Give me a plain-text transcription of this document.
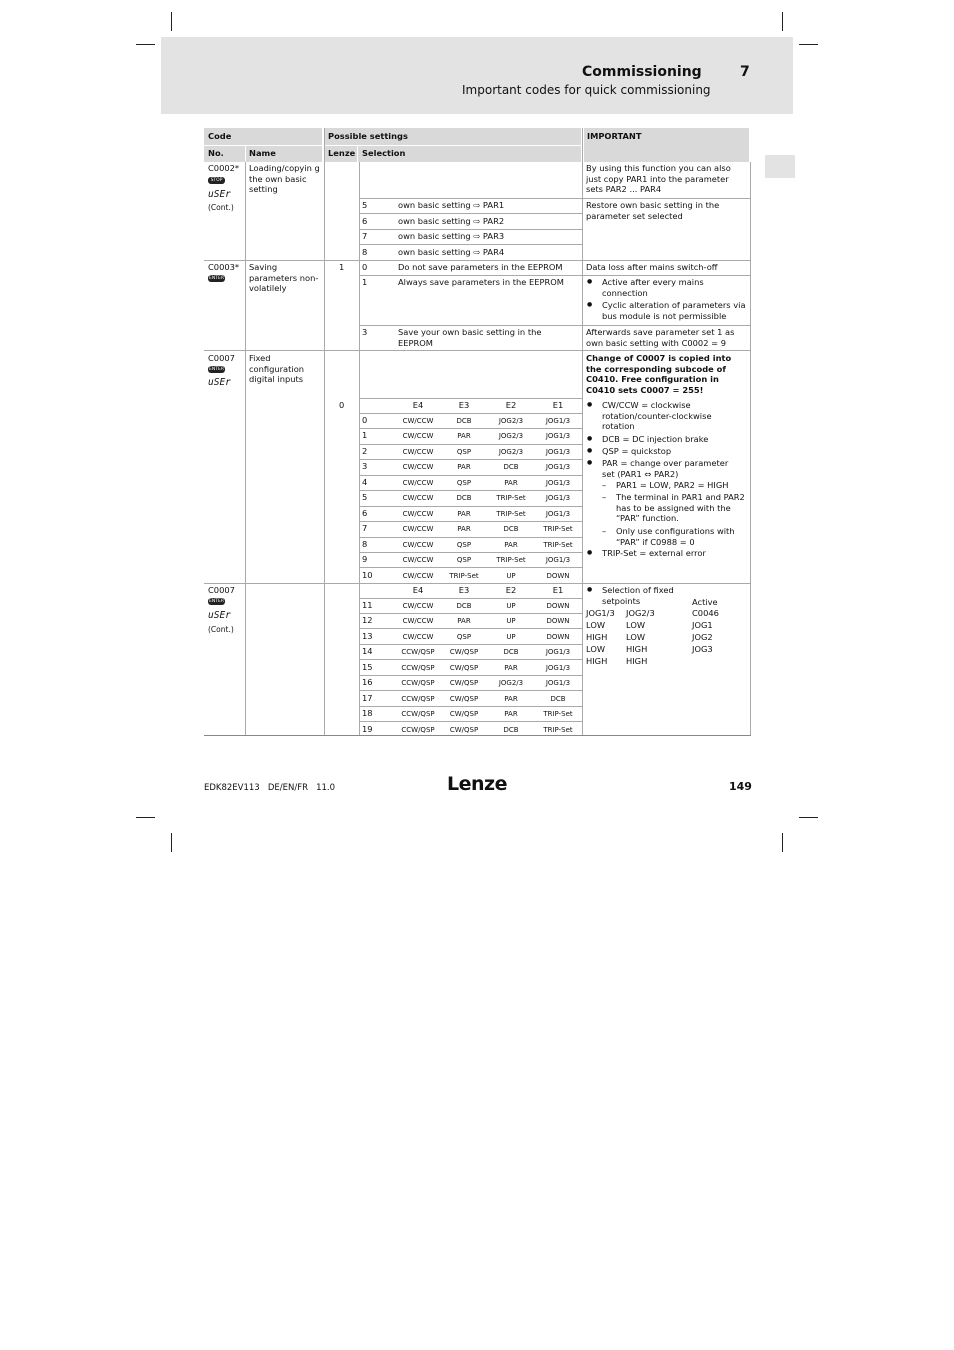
Commissioning	7
Important codes for quick commissioning
Code	Possible settings	IMPORTANT
No.	Name	Lenze Selection
C0002*
STOP
uSEr
(Cont.)
Loading/copyin g the own basic setting
By using this function you can also just copy PAR1 into the parameter sets PAR2 ... PAR4
Restore own basic setting in the parameter set selected
5	own basic setting ⇨ PAR1
6	own basic setting ⇨ PAR2
7	own basic setting ⇨ PAR3
8	own basic setting ⇨ PAR4
C0003*
ENTER
Saving parameters non-volatilely
1 0	Do not save parameters in the EEPROM	Data loss after mains switch-off
1	Always save parameters in the EEPROM
●	Active after every mains connection
● Cyclic alteration of parameters via bus module is not permissible
3	Save your own basic setting in the EEPROM
Afterwards save parameter set 1 as own basic setting with C0002 = 9
C0007
ENTER
uSEr
Fixed configuration digital inputs
Change of C0007 is copied into the corresponding subcode of C0410. Free configuration in C0410 sets C0007 = 255!
0	E4	E3	E2	E1
0	CW/CCW	DCB	JOG2/3	JOG1/3
1	CW/CCW	PAR	JOG2/3	JOG1/3
2	CW/CCW	QSP	JOG2/3	JOG1/3
3	CW/CCW	PAR	DCB	JOG1/3
4	CW/CCW	QSP	PAR	JOG1/3
5	CW/CCW	DCB	TRIP-Set	JOG1/3
6	CW/CCW	PAR	TRIP-Set	JOG1/3
7	CW/CCW	PAR	DCB	TRIP-Set
8	CW/CCW	QSP	PAR	TRIP-Set
9	CW/CCW	QSP	TRIP-Set	JOG1/3
10	CW/CCW	TRIP-Set	UP	DOWN
● CW/CCW = clockwise rotation/counter-clockwise rotation
● DCB = DC injection brake
● QSP = quickstop
● PAR = change over parameter set (PAR1 ⇔ PAR2)
– PAR1 = LOW, PAR2 = HIGH
– The terminal in PAR1 and PAR2 has to be assigned with the “PAR” function.
– Only use configurations with “PAR” if C0988 = 0
● TRIP-Set = external error
C0007
ENTER
uSEr
(Cont.)
E4	E3	E2	E1
11	CW/CCW	DCB	UP	DOWN
12	CW/CCW	PAR	UP	DOWN
13	CW/CCW	QSP	UP	DOWN
14	CCW/QSP	CW/QSP	DCB	JOG1/3
15	CCW/QSP	CW/QSP	PAR	JOG1/3
16	CCW/QSP	CW/QSP	JOG2/3	JOG1/3
17	CCW/QSP	CW/QSP	PAR	DCB
18	CCW/QSP	CW/QSP	PAR	TRIP-Set
19	CCW/QSP	CW/QSP	DCB	TRIP-Set
● Selection of fixed setpoints
JOG1/3 JOG2/3
Active C0046
LOW	LOW	JOG1
HIGH LOW	JOG2
LOW	HIGH	JOG3
HIGH HIGH
EDK82EV113   DE/EN/FR   11.0	Lenze	149
